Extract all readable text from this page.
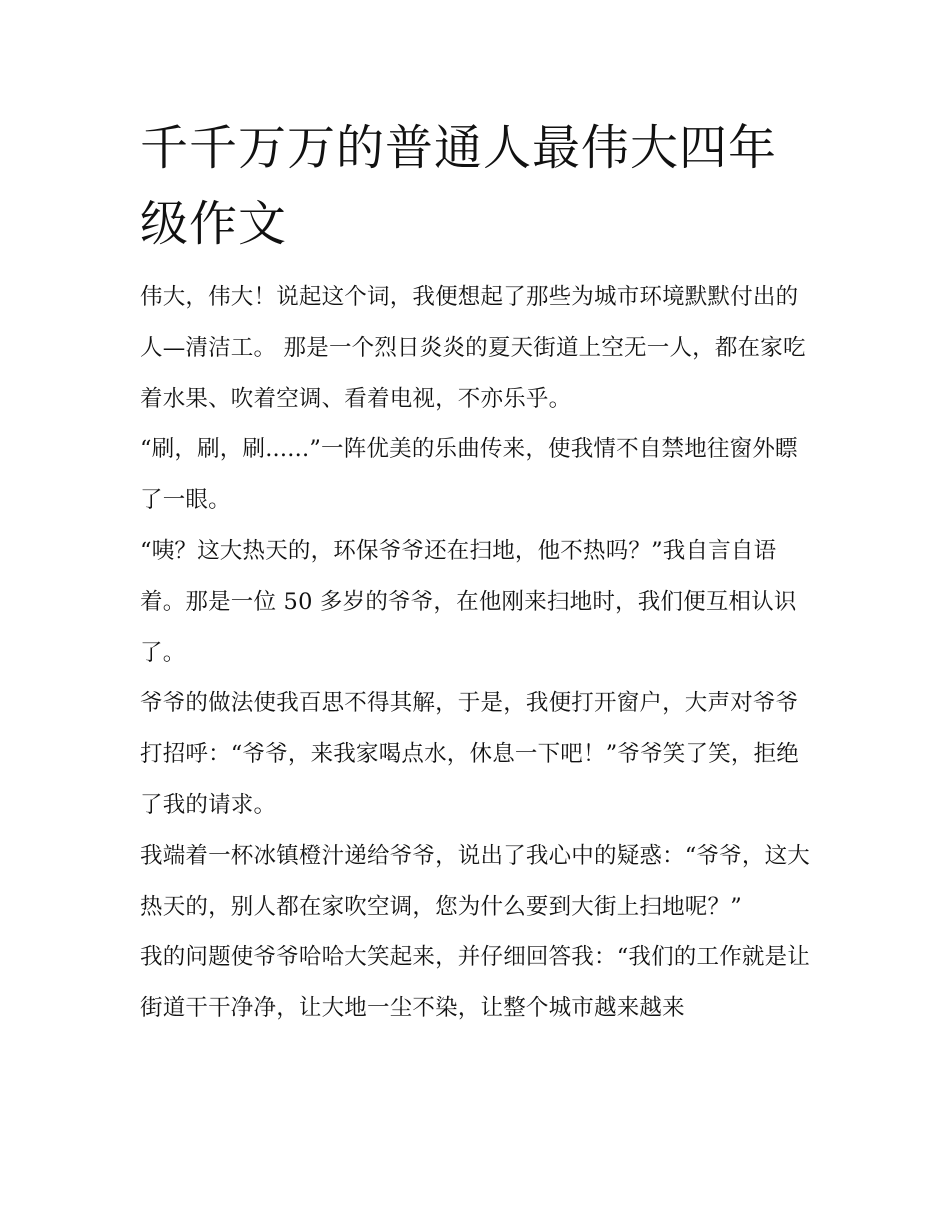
千千万万的普通人最伟大四年级作文

伟大，伟大！说起这个词，我便想起了那些为城市环境默默付出的人—清洁工。 那是一个烈日炎炎的夏天街道上空无一人，都在家吃着水果、吹着空调、看着电视，不亦乐乎。

“刷，刷，刷......”一阵优美的乐曲传来，使我情不自禁地往窗外瞟了一眼。

“咦？这大热天的，环保爷爷还在扫地，他不热吗？”我自言自语着。那是一位 50 多岁的爷爷，在他刚来扫地时，我们便互相认识了。

爷爷的做法使我百思不得其解，于是，我便打开窗户，大声对爷爷打招呼：“爷爷，来我家喝点水，休息一下吧！”爷爷笑了笑，拒绝了我的请求。

我端着一杯冰镇橙汁递给爷爷，说出了我心中的疑惑：“爷爷，这大热天的，别人都在家吹空调，您为什么要到大街上扫地呢？”

我的问题使爷爷哈哈大笑起来，并仔细回答我：“我们的工作就是让街道干干净净，让大地一尘不染，让整个城市越来越来
